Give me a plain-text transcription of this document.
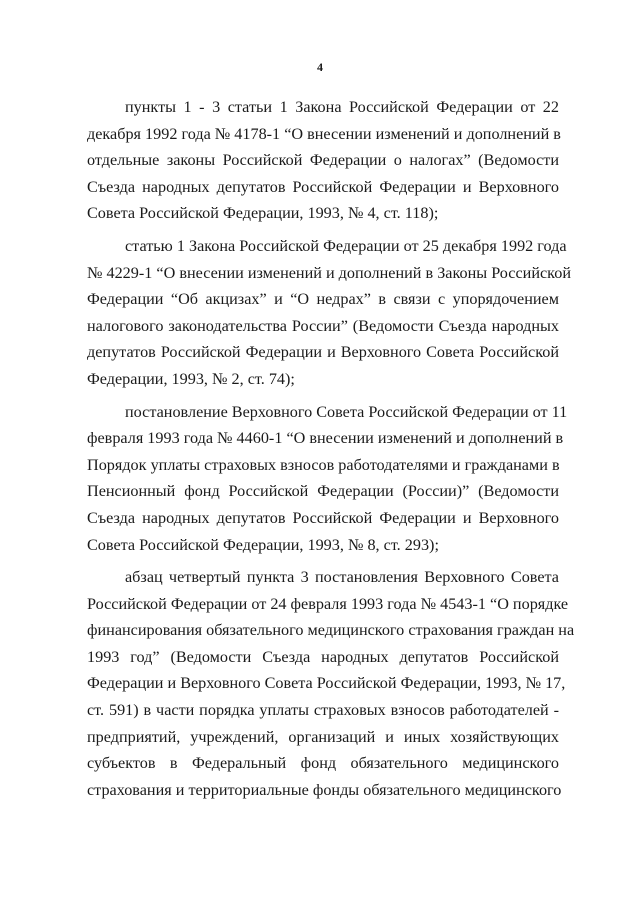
4
пункты 1 - 3 статьи 1 Закона Российской Федерации от 22
декабря 1992 года № 4178-1 “О внесении изменений и дополнений в
отдельные законы Российской Федерации о налогах” (Ведомости
Съезда народных депутатов Российской Федерации и Верховного
Совета Российской Федерации, 1993, № 4, ст. 118);
статью 1 Закона Российской Федерации от 25 декабря 1992 года
№ 4229-1 “О внесении изменений и дополнений в Законы Российской
Федерации “Об акцизах” и “О недрах” в связи с упорядочением
налогового законодательства России” (Ведомости Съезда народных
депутатов Российской Федерации и Верховного Совета Российской
Федерации, 1993, № 2, ст. 74);
постановление Верховного Совета Российской Федерации от 11
февраля 1993 года № 4460-1 “О внесении изменений и дополнений в
Порядок уплаты страховых взносов работодателями и гражданами в
Пенсионный фонд Российской Федерации (России)” (Ведомости
Съезда народных депутатов Российской Федерации и Верховного
Совета Российской Федерации, 1993, № 8, ст. 293);
абзац четвертый пункта 3 постановления Верховного Совета
Российской Федерации от 24 февраля 1993 года № 4543-1 “О порядке
финансирования обязательного медицинского страхования граждан на
1993 год” (Ведомости Съезда народных депутатов Российской
Федерации и Верховного Совета Российской Федерации, 1993, № 17,
ст. 591) в части порядка уплаты страховых взносов работодателей -
предприятий, учреждений, организаций и иных хозяйствующих
субъектов в Федеральный фонд обязательного медицинского
страхования и территориальные фонды обязательного медицинского
